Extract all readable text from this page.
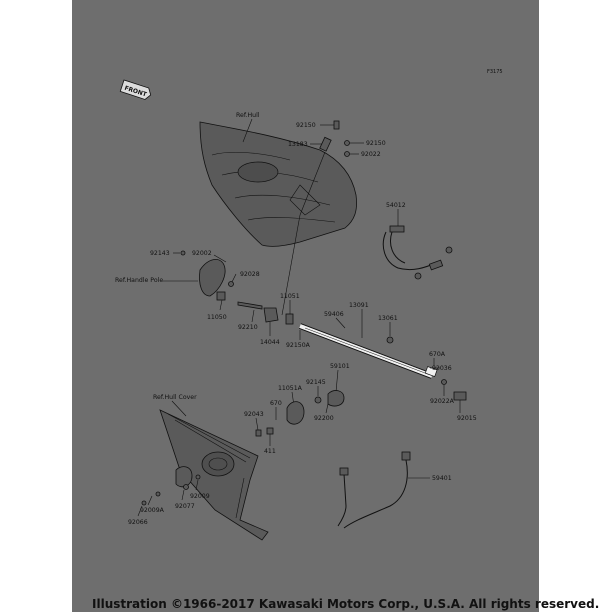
F3175
FRONT
Ref.Hull
92150
13183	92150
92022
54012
92143	92002
Ref.Handle Pole
92028
11050
92210
14044
11051
92150A
59406
13091
13061
670A
92036
92022A
92015
59101
11051A
92145
92200
670
92043
411
Ref.Hull Cover
59401
92009
92077
92009A
92066
Illustration ©1966-2017 Kawasaki Motors Corp., U.S.A. All rights reserved.
